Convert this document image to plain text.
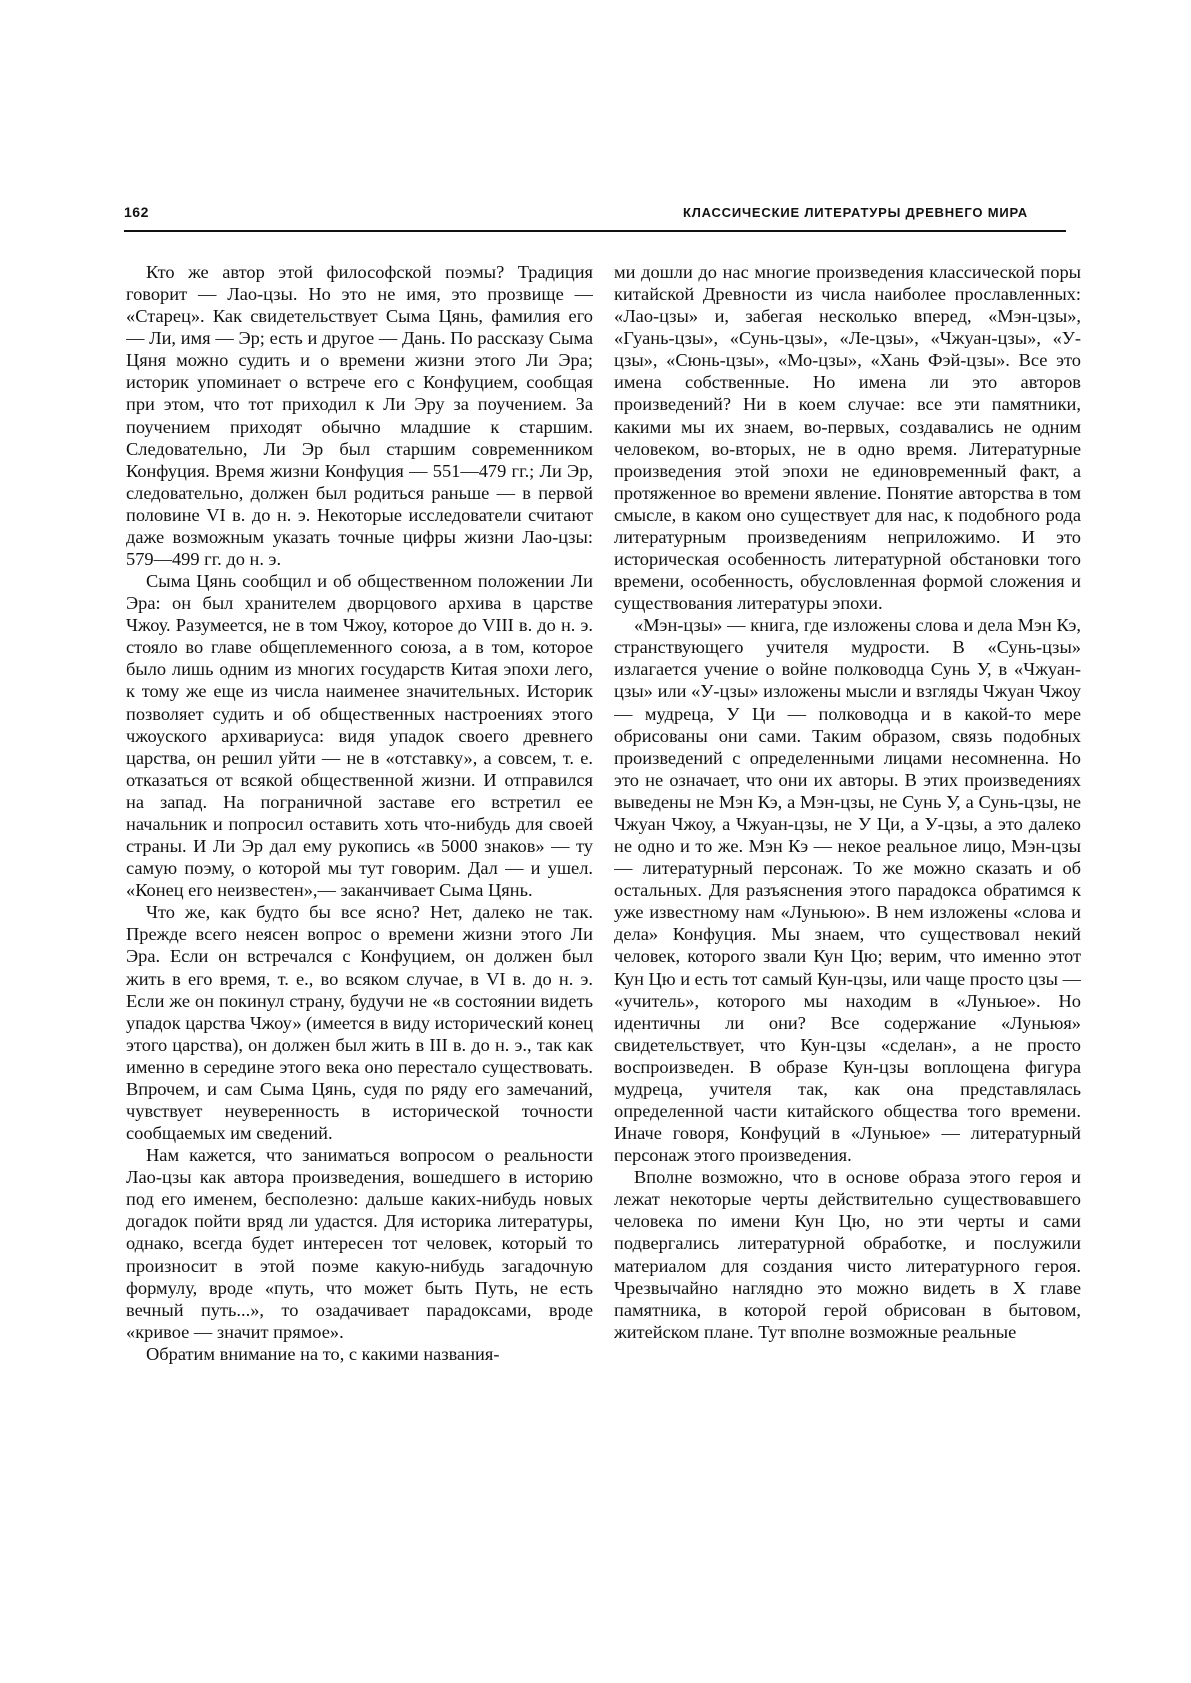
162	КЛАССИЧЕСКИЕ ЛИТЕРАТУРЫ ДРЕВНЕГО МИРА

Кто же автор этой философской поэмы? Традиция говорит — Лао-цзы. Но это не имя, это прозвище — «Старец». Как свидетельствует Сыма Цянь, фамилия его — Ли, имя — Эр; есть и другое — Дань. По рассказу Сыма Цяня можно судить и о времени жизни этого Ли Эра; историк упоминает о встрече его с Конфуцием, сообщая при этом, что тот приходил к Ли Эру за поучением. За поучением приходят обычно младшие к старшим. Следовательно, Ли Эр был старшим современником Конфуция. Время жизни Конфуция — 551—479 гг.; Ли Эр, следовательно, должен был родиться раньше — в первой половине VI в. до н. э. Некоторые исследователи считают даже возможным указать точные цифры жизни Лао-цзы: 579—499 гг. до н. э.

Сыма Цянь сообщил и об общественном положении Ли Эра: он был хранителем дворцового архива в царстве Чжоу. Разумеется, не в том Чжоу, которое до VIII в. до н. э. стояло во главе общеплеменного союза, а в том, которое было лишь одним из многих государств Китая эпохи лего, к тому же еще из числа наименее значительных. Историк позволяет судить и об общественных настроениях этого чжоуского архивариуса: видя упадок своего древнего царства, он решил уйти — не в «отставку», а совсем, т. е. отказаться от всякой общественной жизни. И отправился на запад. На пограничной заставе его встретил ее начальник и попросил оставить хоть что-нибудь для своей страны. И Ли Эр дал ему рукопись «в 5000 знаков» — ту самую поэму, о которой мы тут говорим. Дал — и ушел. «Конец его неизвестен»,— заканчивает Сыма Цянь.

Что же, как будто бы все ясно? Нет, далеко не так. Прежде всего неясен вопрос о времени жизни этого Ли Эра. Если он встречался с Конфуцием, он должен был жить в его время, т. е., во всяком случае, в VI в. до н. э. Если же он покинул страну, будучи не «в состоянии видеть упадок царства Чжоу» (имеется в виду исторический конец этого царства), он должен был жить в III в. до н. э., так как именно в середине этого века оно перестало существовать. Впрочем, и сам Сыма Цянь, судя по ряду его замечаний, чувствует неуверенность в исторической точности сообщаемых им сведений.

Нам кажется, что заниматься вопросом о реальности Лао-цзы как автора произведения, вошедшего в историю под его именем, бесполезно: дальше каких-нибудь новых догадок пойти вряд ли удастся. Для историка литературы, однако, всегда будет интересен тот человек, который то произносит в этой поэме какую-нибудь загадочную формулу, вроде «путь, что может быть Путь, не есть вечный путь...», то озадачивает парадоксами, вроде «кривое — значит прямое».

Обратим внимание на то, с какими названия-

ми дошли до нас многие произведения классической поры китайской Древности из числа наиболее прославленных: «Лао-цзы» и, забегая несколько вперед, «Мэн-цзы», «Гуань-цзы», «Сунь-цзы», «Ле-цзы», «Чжуан-цзы», «У-цзы», «Сюнь-цзы», «Мо-цзы», «Хань Фэй-цзы». Все это имена собственные. Но имена ли это авторов произведений? Ни в коем случае: все эти памятники, какими мы их знаем, во-первых, создавались не одним человеком, во-вторых, не в одно время. Литературные произведения этой эпохи не единовременный факт, а протяженное во времени явление. Понятие авторства в том смысле, в каком оно существует для нас, к подобного рода литературным произведениям неприложимо. И это историческая особенность литературной обстановки того времени, особенность, обусловленная формой сложения и существования литературы эпохи.

«Мэн-цзы» — книга, где изложены слова и дела Мэн Кэ, странствующего учителя мудрости. В «Сунь-цзы» излагается учение о войне полководца Сунь У, в «Чжуан-цзы» или «У-цзы» изложены мысли и взгляды Чжуан Чжоу — мудреца, У Ци — полководца и в какой-то мере обрисованы они сами. Таким образом, связь подобных произведений с определенными лицами несомненна. Но это не означает, что они их авторы. В этих произведениях выведены не Мэн Кэ, а Мэн-цзы, не Сунь У, а Сунь-цзы, не Чжуан Чжоу, а Чжуан-цзы, не У Ци, а У-цзы, а это далеко не одно и то же. Мэн Кэ — некое реальное лицо, Мэн-цзы — литературный персонаж. То же можно сказать и об остальных. Для разъяснения этого парадокса обратимся к уже известному нам «Луньюю». В нем изложены «слова и дела» Конфуция. Мы знаем, что существовал некий человек, которого звали Кун Цю; верим, что именно этот Кун Цю и есть тот самый Кун-цзы, или чаще просто цзы — «учитель», которого мы находим в «Луньюе». Но идентичны ли они? Все содержание «Луньюя» свидетельствует, что Кун-цзы «сделан», а не просто воспроизведен. В образе Кун-цзы воплощена фигура мудреца, учителя так, как она представлялась определенной части китайского общества того времени. Иначе говоря, Конфуций в «Луньюе» — литературный персонаж этого произведения.

Вполне возможно, что в основе образа этого героя и лежат некоторые черты действительно существовавшего человека по имени Кун Цю, но эти черты и сами подвергались литературной обработке, и послужили материалом для создания чисто литературного героя. Чрезвычайно наглядно это можно видеть в X главе памятника, в которой герой обрисован в бытовом, житейском плане. Тут вполне возможные реальные
